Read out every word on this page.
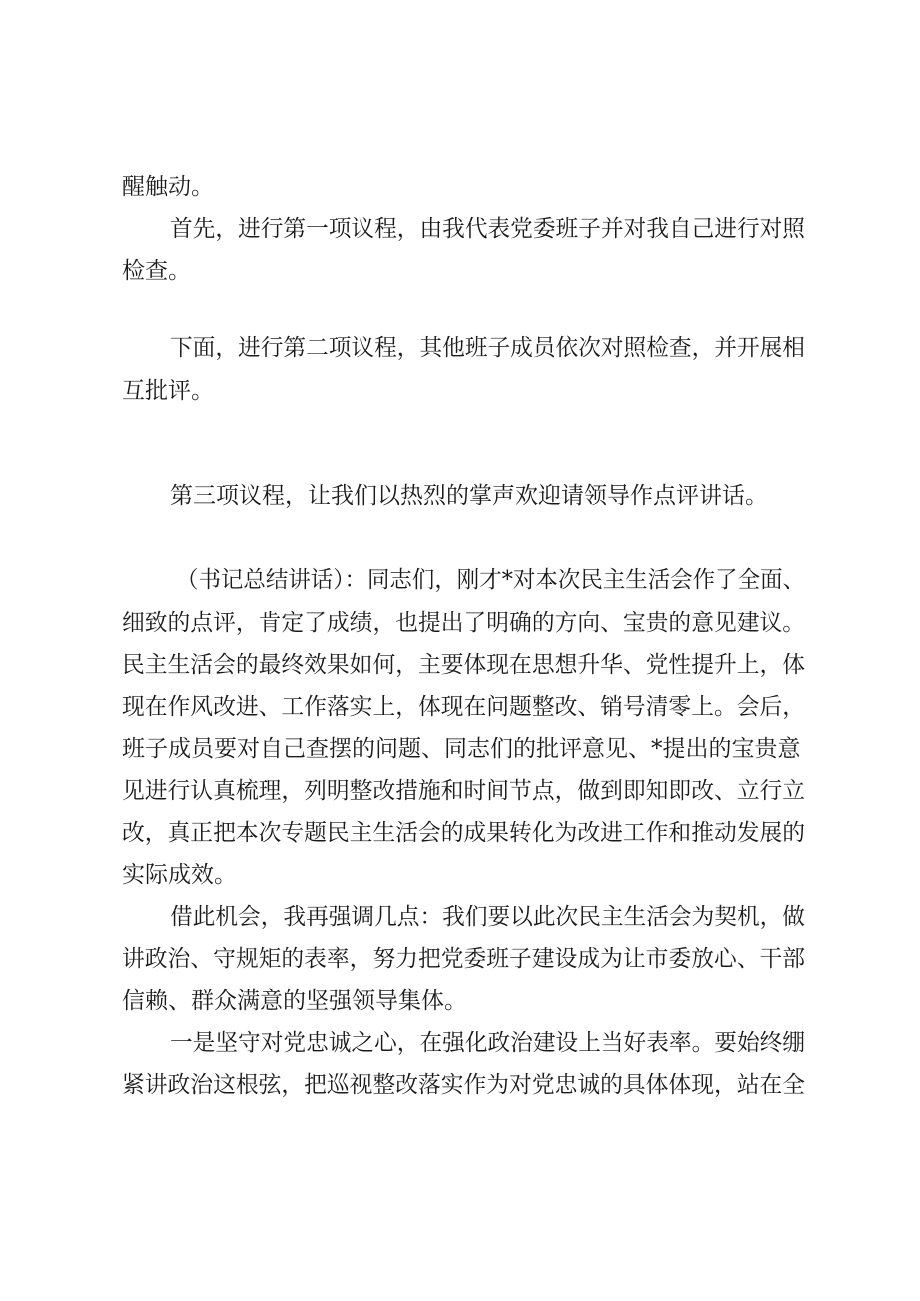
醒触动。

首先，进行第一项议程，由我代表党委班子并对我自己进行对照

检查。

下面，进行第二项议程，其他班子成员依次对照检查，并开展相

互批评。

第三项议程，让我们以热烈的掌声欢迎请领导作点评讲话。

（书记总结讲话）：同志们，刚才*对本次民主生活会作了全面、

细致的点评，肯定了成绩，也提出了明确的方向、宝贵的意见建议。

民主生活会的最终效果如何，主要体现在思想升华、党性提升上，体

现在作风改进、工作落实上，体现在问题整改、销号清零上。会后，

班子成员要对自己查摆的问题、同志们的批评意见、*提出的宝贵意

见进行认真梳理，列明整改措施和时间节点，做到即知即改、立行立

改，真正把本次专题民主生活会的成果转化为改进工作和推动发展的

实际成效。

借此机会，我再强调几点：我们要以此次民主生活会为契机，做

讲政治、守规矩的表率，努力把党委班子建设成为让市委放心、干部

信赖、群众满意的坚强领导集体。

一是坚守对党忠诚之心，在强化政治建设上当好表率。要始终绷

紧讲政治这根弦，把巡视整改落实作为对党忠诚的具体体现，站在全
